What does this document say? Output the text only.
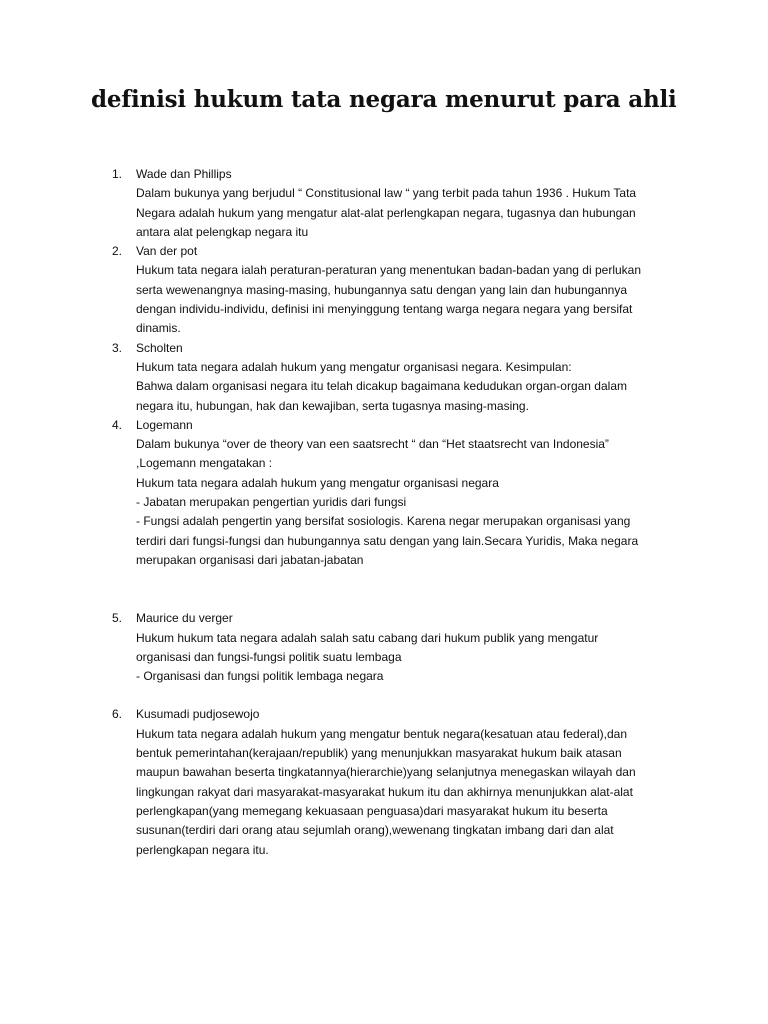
definisi hukum tata negara menurut para ahli
1. Wade dan Phillips
Dalam bukunya yang berjudul “ Constitusional law “ yang terbit pada tahun 1936 . Hukum Tata
Negara adalah hukum yang mengatur alat-alat perlengkapan negara, tugasnya dan hubungan
antara alat pelengkap negara itu
2. Van der pot
Hukum tata negara ialah peraturan-peraturan yang menentukan badan-badan yang di perlukan
serta wewenangnya masing-masing, hubungannya satu dengan yang lain dan hubungannya
dengan individu-individu, definisi ini menyinggung tentang warga negara negara yang bersifat
dinamis.
3. Scholten
Hukum tata negara adalah hukum yang mengatur organisasi negara. Kesimpulan:
Bahwa dalam organisasi negara itu telah dicakup bagaimana kedudukan organ-organ dalam
negara itu, hubungan, hak dan kewajiban, serta tugasnya masing-masing.
4. Logemann
Dalam bukunya “over de theory van een saatsrecht “ dan “Het staatsrecht van Indonesia”
,Logemann mengatakan :
Hukum tata negara adalah hukum yang mengatur organisasi negara
- Jabatan merupakan pengertian yuridis dari fungsi
- Fungsi adalah pengertin yang bersifat sosiologis. Karena negar merupakan organisasi yang
terdiri dari fungsi-fungsi dan hubungannya satu dengan yang lain.Secara Yuridis, Maka negara
merupakan organisasi dari jabatan-jabatan
5. Maurice du verger
Hukum hukum tata negara adalah salah satu cabang dari hukum publik yang mengatur
organisasi dan fungsi-fungsi politik suatu lembaga
- Organisasi dan fungsi politik lembaga negara
6. Kusumadi pudjosewojo
Hukum tata negara adalah hukum yang mengatur bentuk negara(kesatuan atau federal),dan
bentuk pemerintahan(kerajaan/republik) yang menunjukkan masyarakat hukum baik atasan
maupun bawahan beserta tingkatannya(hierarchie)yang selanjutnya menegaskan wilayah dan
lingkungan rakyat dari masyarakat-masyarakat hukum itu dan akhirnya menunjukkan alat-alat
perlengkapan(yang memegang kekuasaan penguasa)dari masyarakat hukum itu beserta
susunan(terdiri dari orang atau sejumlah orang),wewenang tingkatan imbang dari dan alat
perlengkapan negara itu.
